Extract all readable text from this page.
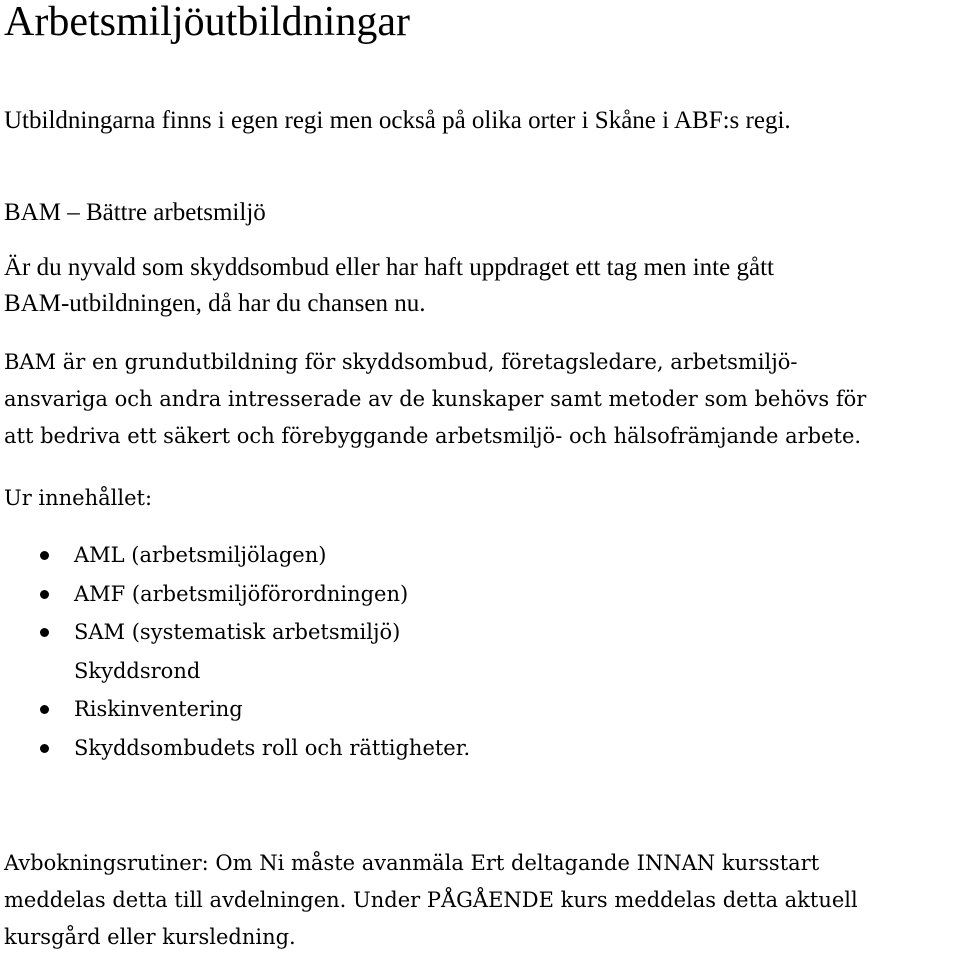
Arbetsmiljöutbildningar

Utbildningarna finns i egen regi men också på olika orter i Skåne i ABF:s regi.

BAM – Bättre arbetsmiljö

Är du nyvald som skyddsombud eller har haft uppdraget ett tag men inte gått
BAM-utbildningen, då har du chansen nu.

BAM är en grundutbildning för skyddsombud, företagsledare, arbetsmiljö-
ansvariga och andra intresserade av de kunskaper samt metoder som behövs för
att bedriva ett säkert och förebyggande arbetsmiljö- och hälsofrämjande arbete.

Ur innehållet:

AML (arbetsmiljölagen)
AMF (arbetsmiljöförordningen)
SAM (systematisk arbetsmiljö)
Skyddsrond
Riskinventering
Skyddsombudets roll och rättigheter.

Avbokningsrutiner: Om Ni måste avanmäla Ert deltagande INNAN kursstart
meddelas detta till avdelningen. Under PÅGÅENDE kurs meddelas detta aktuell
kursgård eller kursledning.
